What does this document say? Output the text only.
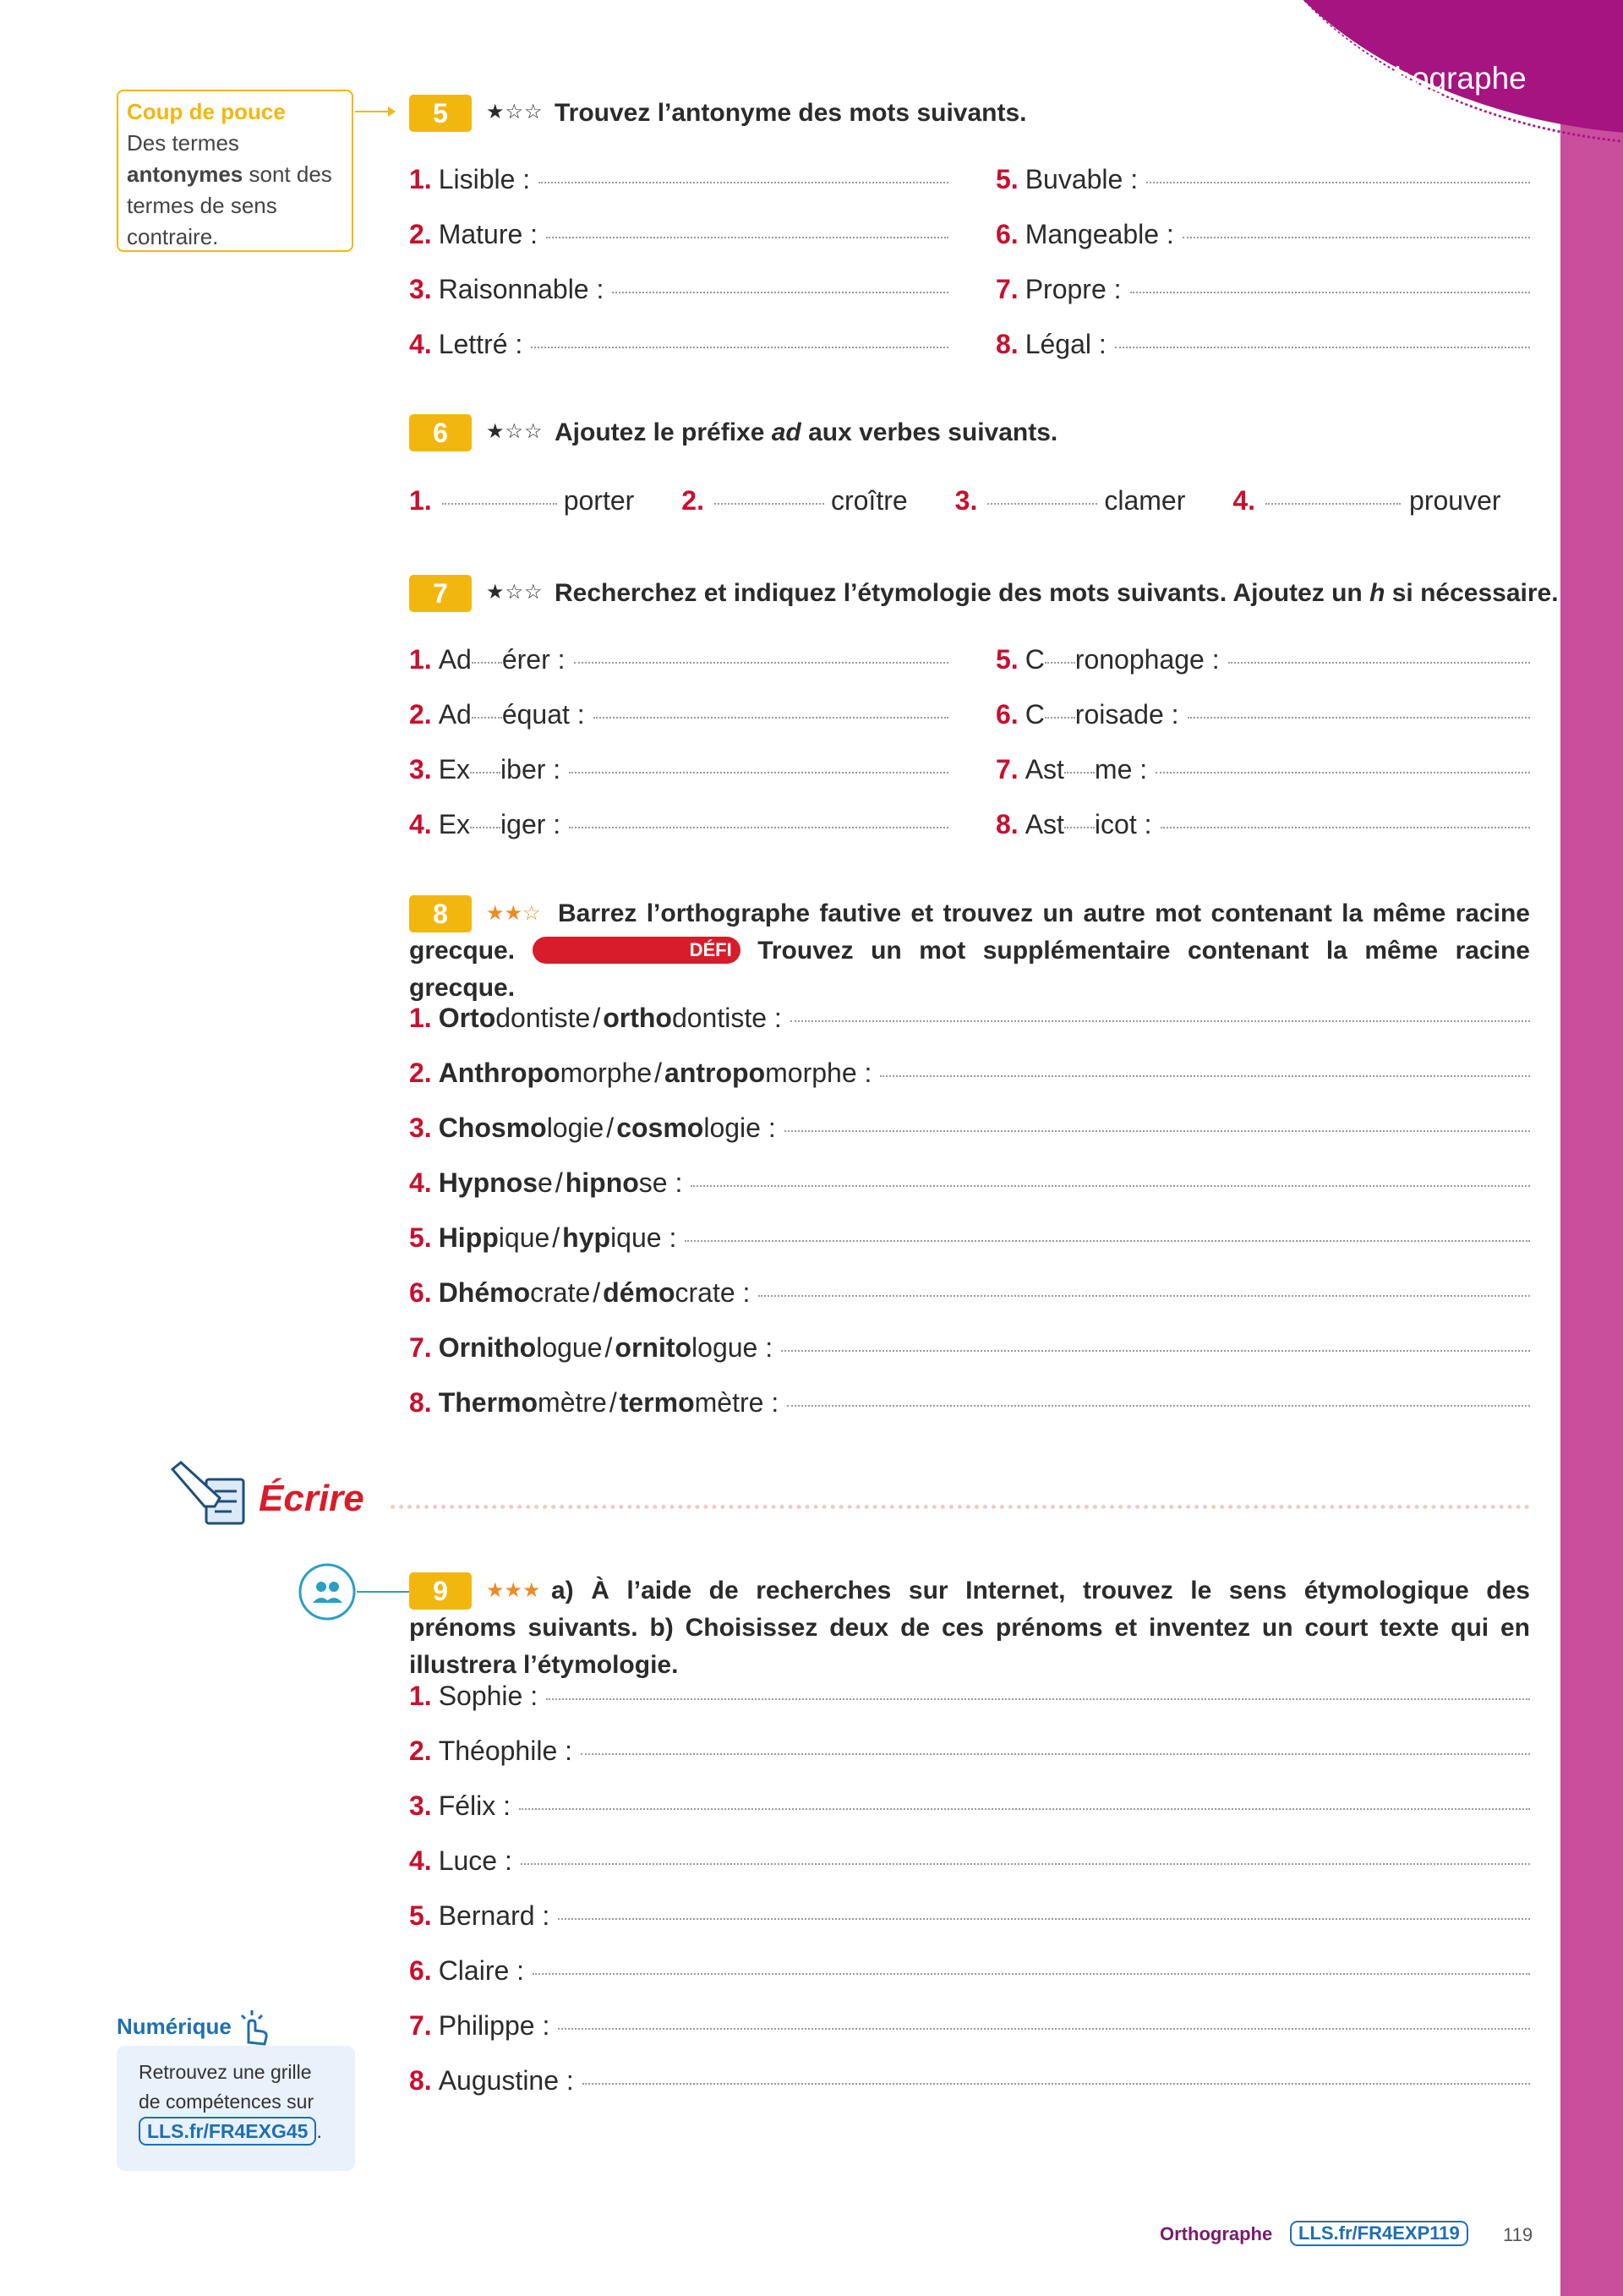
Orthographe
Coup de pouce
Des termes antonymes sont des termes de sens contraire.
5	★☆☆ Trouvez l’antonyme des mots suivants.
1. Lisible :
2. Mature :
3. Raisonnable :
4. Lettré :
5. Buvable :
6. Mangeable :
7. Propre :
8. Légal :
6	★☆☆ Ajoutez le préfixe ad aux verbes suivants.
1.	porter 2.	croître 3.	clamer 4.	prouver
7	★☆☆ Recherchez et indiquez l’étymologie des mots suivants. Ajoutez un h si nécessaire.
1. Ad érer :
2. Ad équat :
3. Ex iber :
4. Ex iger :
5. C ronophage :
6. C roisade :
7. Ast me :
8. Ast icot :
8	★★☆ Barrez l’orthographe fautive et trouvez un autre mot contenant la même racine grecque.	DÉFI Trouvez un mot supplémentaire contenant la même racine grecque.
1. Orto dontiste / ortho dontiste :
2. Anthropo morphe / antropo morphe :
3. Chosmo logie / cosmo logie :
4. Hypnos e / hipno se :
5. Hipp ique / hyp ique :
6. Dhémo crate / démo crate :
7. Ornitho logue / ornito logue :
8. Thermo mètre / termo mètre :
Écrire
9	★★★ a) À l’aide de recherches sur Internet, trouvez le sens étymologique des prénoms suivants. b) Choisissez deux de ces prénoms et inventez un court texte qui en illustrera l’étymologie.
1. Sophie :
2. Théophile :
3. Félix :
4. Luce :
5. Bernard :
6. Claire :
7. Philippe :
8. Augustine :
Numérique
Retrouvez une grille de compétences sur
LLS.fr/FR4EXG45 .
Orthographe	LLS.fr/FR4EXP119	119
